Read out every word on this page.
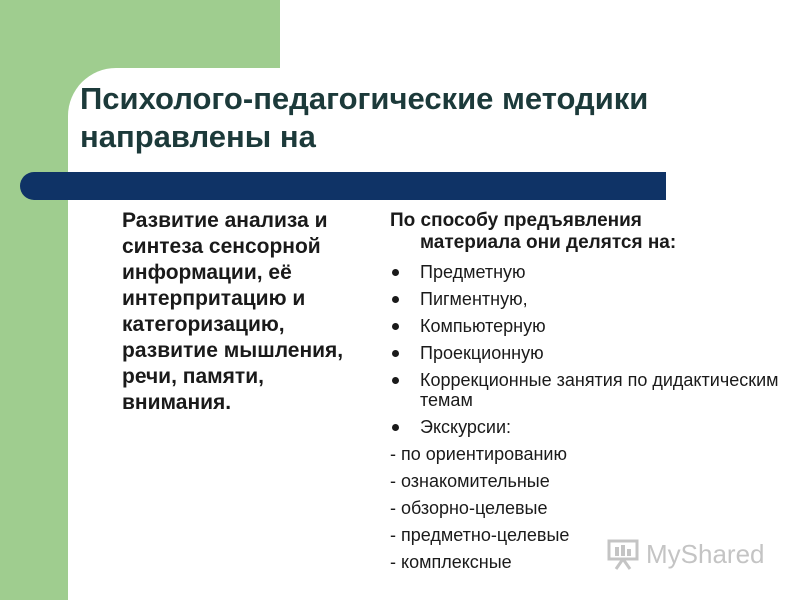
Психолого-педагогические методики направлены на
Развитие анализа и синтеза сенсорной информации, её интерпритацию и категоризацию, развитие мышления, речи, памяти, внимания.

По способу предъявления
материала они делятся на:

Предметную
Пигментную,
Компьютерную
Проекционную
Коррекционные занятия по дидактическим темам
Экскурсии:
- по ориентированию
- ознакомительные
- обзорно-целевые
- предметно-целевые
- комплексные	MyShared
